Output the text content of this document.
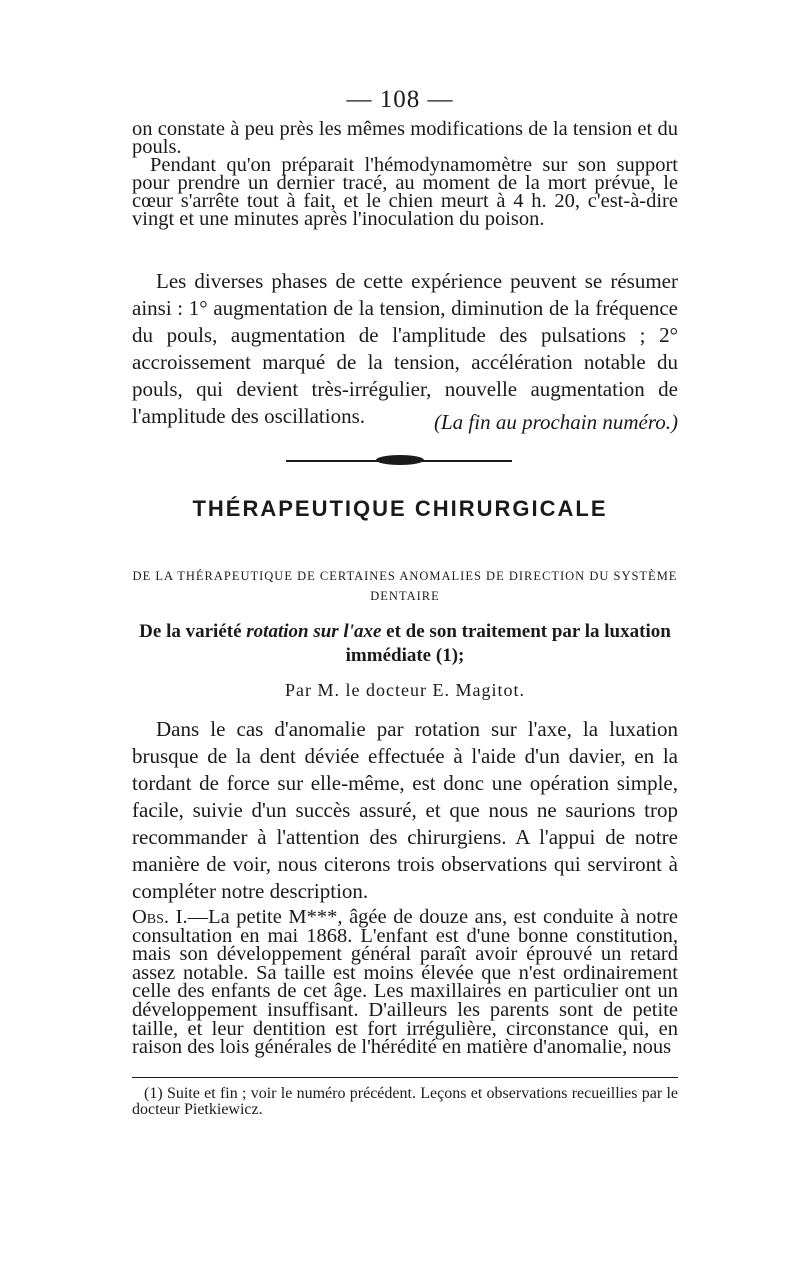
— 108 —

on constate à peu près les mêmes modifications de la tension et du pouls.

Pendant qu'on préparait l'hémodynamomètre sur son support pour prendre un dernier tracé, au moment de la mort prévue, le cœur s'arrête tout à fait, et le chien meurt à 4 h. 20, c'est-à-dire vingt et une minutes après l'inoculation du poison.

Les diverses phases de cette expérience peuvent se résumer ainsi : 1° augmentation de la tension, diminution de la fréquence du pouls, augmentation de l'amplitude des pulsations ; 2° accroissement marqué de la tension, accélération notable du pouls, qui devient très-irrégulier, nouvelle augmentation de l'amplitude des oscillations.	(La fin au prochain numéro.)
THÉRAPEUTIQUE CHIRURGICALE
DE LA THÉRAPEUTIQUE DE CERTAINES ANOMALIES DE DIRECTION DU SYSTÈME DENTAIRE
De la variété rotation sur l'axe et de son traitement par la luxation immédiate (1);
Par M. le docteur E. Magitot.

Dans le cas d'anomalie par rotation sur l'axe, la luxation brusque de la dent déviée effectuée à l'aide d'un davier, en la tordant de force sur elle-même, est donc une opération simple, facile, suivie d'un succès assuré, et que nous ne saurions trop recommander à l'attention des chirurgiens. A l'appui de notre manière de voir, nous citerons trois observations qui serviront à compléter notre description.

Obs. I.—La petite M***, âgée de douze ans, est conduite à notre consultation en mai 1868. L'enfant est d'une bonne constitution, mais son développement général paraît avoir éprouvé un retard assez notable. Sa taille est moins élevée que n'est ordinairement celle des enfants de cet âge. Les maxillaires en particulier ont un développement insuffisant. D'ailleurs les parents sont de petite taille, et leur dentition est fort irrégulière, circonstance qui, en raison des lois générales de l'hérédité en matière d'anomalie, nous

(1) Suite et fin ; voir le numéro précédent. Leçons et observations recueillies par le docteur Pietkiewicz.
